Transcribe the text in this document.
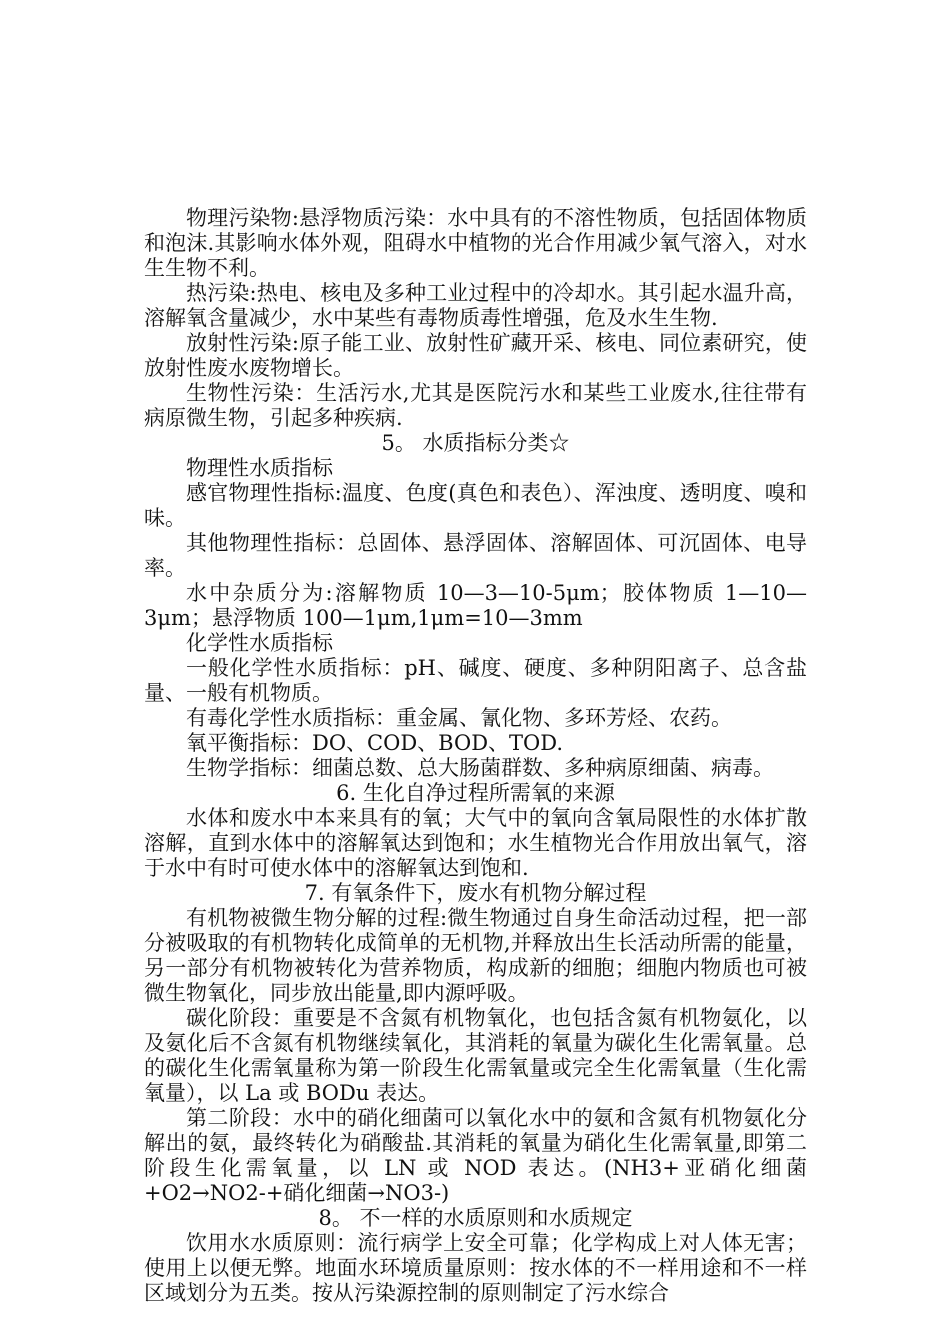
物理污染物:悬浮物质污染：水中具有的不溶性物质，包括固体物质和泡沫.其影响水体外观，阻碍水中植物的光合作用减少氧气溶入，对水生生物不利。

热污染:热电、核电及多种工业过程中的冷却水。其引起水温升高，溶解氧含量减少，水中某些有毒物质毒性增强，危及水生生物.

放射性污染:原子能工业、放射性矿藏开采、核电、同位素研究，使放射性废水废物增长。

生物性污染：生活污水,尤其是医院污水和某些工业废水,往往带有病原微生物，引起多种疾病.

5。 水质指标分类☆

物理性水质指标

感官物理性指标:温度、色度(真色和表色）、浑浊度、透明度、嗅和味。

其他物理性指标：总固体、悬浮固体、溶解固体、可沉固体、电导率。

水中杂质分为:溶解物质 10—3—10-5μm；胶体物质 1—10—3μm；悬浮物质 100—1μm,1μm=10—3mm

化学性水质指标

一般化学性水质指标：pH、碱度、硬度、多种阴阳离子、总含盐量、一般有机物质。

有毒化学性水质指标：重金属、氰化物、多环芳烃、农药。

氧平衡指标：DO、COD、BOD、TOD.

生物学指标：细菌总数、总大肠菌群数、多种病原细菌、病毒。

6. 生化自净过程所需氧的来源

水体和废水中本来具有的氧；大气中的氧向含氧局限性的水体扩散溶解，直到水体中的溶解氧达到饱和；水生植物光合作用放出氧气，溶于水中有时可使水体中的溶解氧达到饱和.

7. 有氧条件下，废水有机物分解过程

有机物被微生物分解的过程:微生物通过自身生命活动过程，把一部分被吸取的有机物转化成简单的无机物,并释放出生长活动所需的能量，另一部分有机物被转化为营养物质，构成新的细胞；细胞内物质也可被微生物氧化，同步放出能量,即内源呼吸。

碳化阶段：重要是不含氮有机物氧化，也包括含氮有机物氨化，以及氨化后不含氮有机物继续氧化，其消耗的氧量为碳化生化需氧量。总的碳化生化需氧量称为第一阶段生化需氧量或完全生化需氧量（生化需氧量），以 La 或 BODu 表达。

第二阶段：水中的硝化细菌可以氧化水中的氨和含氮有机物氨化分解出的氨，最终转化为硝酸盐.其消耗的氧量为硝化生化需氧量,即第二阶段生化需氧量，以 LN 或 NOD 表达。(NH3+亚硝化细菌+O2→NO2-+硝化细菌→NO3-)

8。 不一样的水质原则和水质规定

饮用水水质原则：流行病学上安全可靠；化学构成上对人体无害；使用上以便无弊。地面水环境质量原则：按水体的不一样用途和不一样区域划分为五类。按从污染源控制的原则制定了污水综合
